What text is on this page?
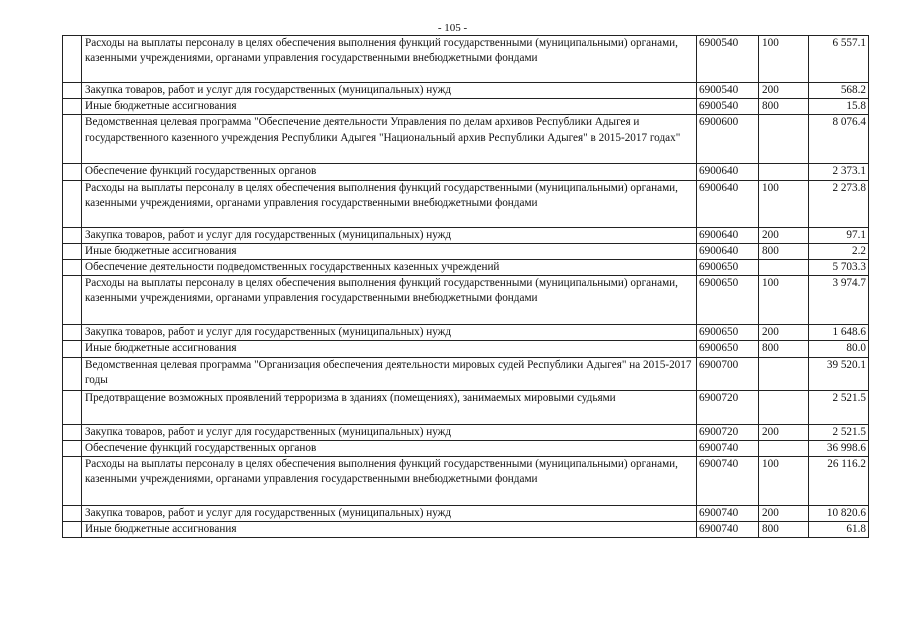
- 105 -
	Расходы на выплаты персоналу в целях обеспечения выполнения функций государственными (муниципальными) органами, казенными учреждениями, органами управления государственными внебюджетными фондами	6900540	100	6 557.1
	Закупка товаров, работ и услуг для государственных (муниципальных) нужд	6900540	200	568.2
	Иные бюджетные ассигнования	6900540	800	15.8
	Ведомственная целевая программа "Обеспечение деятельности Управления по делам архивов Республики Адыгея и государственного казенного учреждения Республики Адыгея "Национальный архив Республики Адыгея" в 2015-2017 годах"	6900600		8 076.4
	Обеспечение функций государственных органов	6900640		2 373.1
	Расходы на выплаты персоналу в целях обеспечения выполнения функций государственными (муниципальными) органами, казенными учреждениями, органами управления государственными внебюджетными фондами	6900640	100	2 273.8
	Закупка товаров, работ и услуг для государственных (муниципальных) нужд	6900640	200	97.1
	Иные бюджетные ассигнования	6900640	800	2.2
	Обеспечение деятельности подведомственных государственных казенных учреждений	6900650		5 703.3
	Расходы на выплаты персоналу в целях обеспечения выполнения функций государственными (муниципальными) органами, казенными учреждениями, органами управления государственными внебюджетными фондами	6900650	100	3 974.7
	Закупка товаров, работ и услуг для государственных (муниципальных) нужд	6900650	200	1 648.6
	Иные бюджетные ассигнования	6900650	800	80.0
	Ведомственная целевая программа "Организация обеспечения деятельности мировых судей Республики Адыгея" на 2015-2017 годы	6900700		39 520.1
	Предотвращение возможных проявлений терроризма в зданиях (помещениях), занимаемых мировыми судьями	6900720		2 521.5
	Закупка товаров, работ и услуг для государственных (муниципальных) нужд	6900720	200	2 521.5
	Обеспечение функций государственных органов	6900740		36 998.6
	Расходы на выплаты персоналу в целях обеспечения выполнения функций государственными (муниципальными) органами, казенными учреждениями, органами управления государственными внебюджетными фондами	6900740	100	26 116.2
	Закупка товаров, работ и услуг для государственных (муниципальных) нужд	6900740	200	10 820.6
	Иные бюджетные ассигнования	6900740	800	61.8
